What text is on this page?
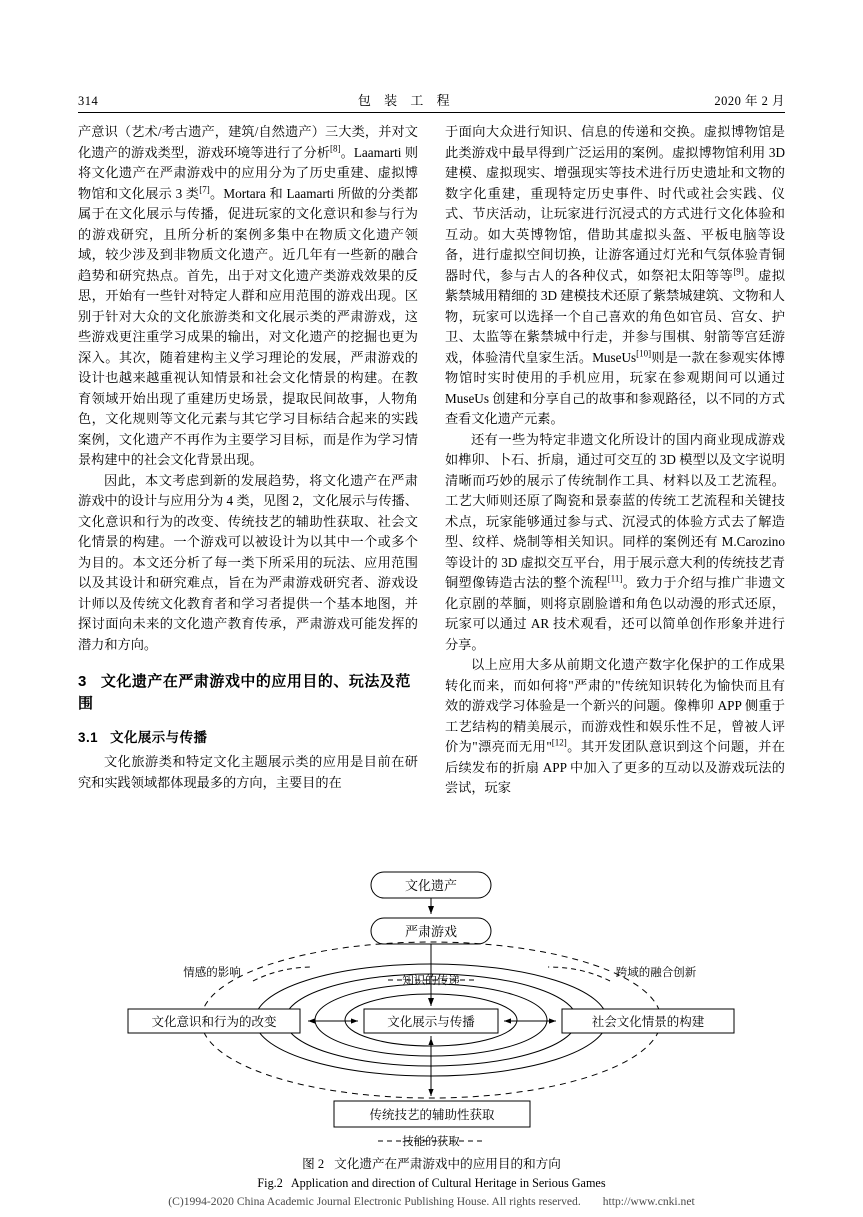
314	包 装 工 程	2020 年 2 月

产意识（艺术/考古遗产，建筑/自然遗产）三大类，并对文化遗产的游戏类型，游戏环境等进行了分析[8]。Laamarti 则将文化遗产在严肃游戏中的应用分为了历史重建、虚拟博物馆和文化展示 3 类[7]。Mortara 和 Laamarti 所做的分类都属于在文化展示与传播，促进玩家的文化意识和参与行为的游戏研究，且所分析的案例多集中在物质文化遗产领域，较少涉及到非物质文化遗产。近几年有一些新的融合趋势和研究热点。首先，出于对文化遗产类游戏效果的反思，开始有一些针对特定人群和应用范围的游戏出现。区别于针对大众的文化旅游类和文化展示类的严肃游戏，这些游戏更注重学习成果的输出，对文化遗产的挖掘也更为深入。其次，随着建构主义学习理论的发展，严肃游戏的设计也越来越重视认知情景和社会文化情景的构建。在教育领域开始出现了重建历史场景，提取民间故事，人物角色，文化规则等文化元素与其它学习目标结合起来的实践案例，文化遗产不再作为主要学习目标，而是作为学习情景构建中的社会文化背景出现。

因此，本文考虑到新的发展趋势，将文化遗产在严肃游戏中的设计与应用分为 4 类，见图 2，文化展示与传播、文化意识和行为的改变、传统技艺的辅助性获取、社会文化情景的构建。一个游戏可以被设计为以其中一个或多个为目的。本文还分析了每一类下所采用的玩法、应用范围以及其设计和研究难点，旨在为严肃游戏研究者、游戏设计师以及传统文化教育者和学习者提供一个基本地图，并探讨面向未来的文化遗产教育传承，严肃游戏可能发挥的潜力和方向。

3 文化遗产在严肃游戏中的应用目的、玩法及范围
3.1 文化展示与传播

文化旅游类和特定文化主题展示类的应用是目前在研究和实践领域都体现最多的方向，主要目的在

于面向大众进行知识、信息的传递和交换。虚拟博物馆是此类游戏中最早得到广泛运用的案例。虚拟博物馆利用 3D 建模、虚拟现实、增强现实等技术进行历史遗址和文物的数字化重建，重现特定历史事件、时代或社会实践、仪式、节庆活动，让玩家进行沉浸式的方式进行文化体验和互动。如大英博物馆，借助其虚拟头盔、平板电脑等设备，进行虚拟空间切换，让游客通过灯光和气氛体验青铜器时代，参与古人的各种仪式，如祭祀太阳等等[9]。虚拟紫禁城用精细的 3D 建模技术还原了紫禁城建筑、文物和人物，玩家可以选择一个自己喜欢的角色如官员、宫女、护卫、太监等在紫禁城中行走，并参与围棋、射箭等宫廷游戏，体验清代皇家生活。MuseUs[10]则是一款在参观实体博物馆时实时使用的手机应用，玩家在参观期间可以通过 MuseUs 创建和分享自己的故事和参观路径，以不同的方式查看文化遗产元素。

还有一些为特定非遗文化所设计的国内商业现成游戏如榫卯、卜石、折扇，通过可交互的 3D 模型以及文字说明清晰而巧妙的展示了传统制作工具、材料以及工艺流程。工艺大师则还原了陶瓷和景泰蓝的传统工艺流程和关键技术点，玩家能够通过参与式、沉浸式的体验方式去了解造型、纹样、烧制等相关知识。同样的案例还有 M.Carozino 等设计的 3D 虚拟交互平台，用于展示意大利的传统技艺青铜塑像铸造古法的整个流程[11]。致力于介绍与推广非遗文化京剧的萃腼，则将京剧脸谱和角色以动漫的形式还原，玩家可以通过 AR 技术观看，还可以简单创作形象并进行分享。

以上应用大多从前期文化遗产数字化保护的工作成果转化而来，而如何将"严肃的"传统知识转化为愉快而且有效的游戏学习体验是一个新兴的问题。像榫卯 APP 侧重于工艺结构的精美展示，而游戏性和娱乐性不足，曾被人评价为"漂亮而无用"[12]。其开发团队意识到这个问题，并在后续发布的折扇 APP 中加入了更多的互动以及游戏玩法的尝试，玩家

文化遗产
严肃游戏
文化展示与传播
文化意识和行为的改变	社会文化情景的构建
传统技艺的辅助性获取
情感的影响	跨域的融合创新
知识的传递
技能的获取
图 2 文化遗产在严肃游戏中的应用目的和方向
Fig.2 Application and direction of Cultural Heritage in Serious Games
(C)1994-2020 China Academic Journal Electronic Publishing House. All rights reserved. http://www.cnki.net
